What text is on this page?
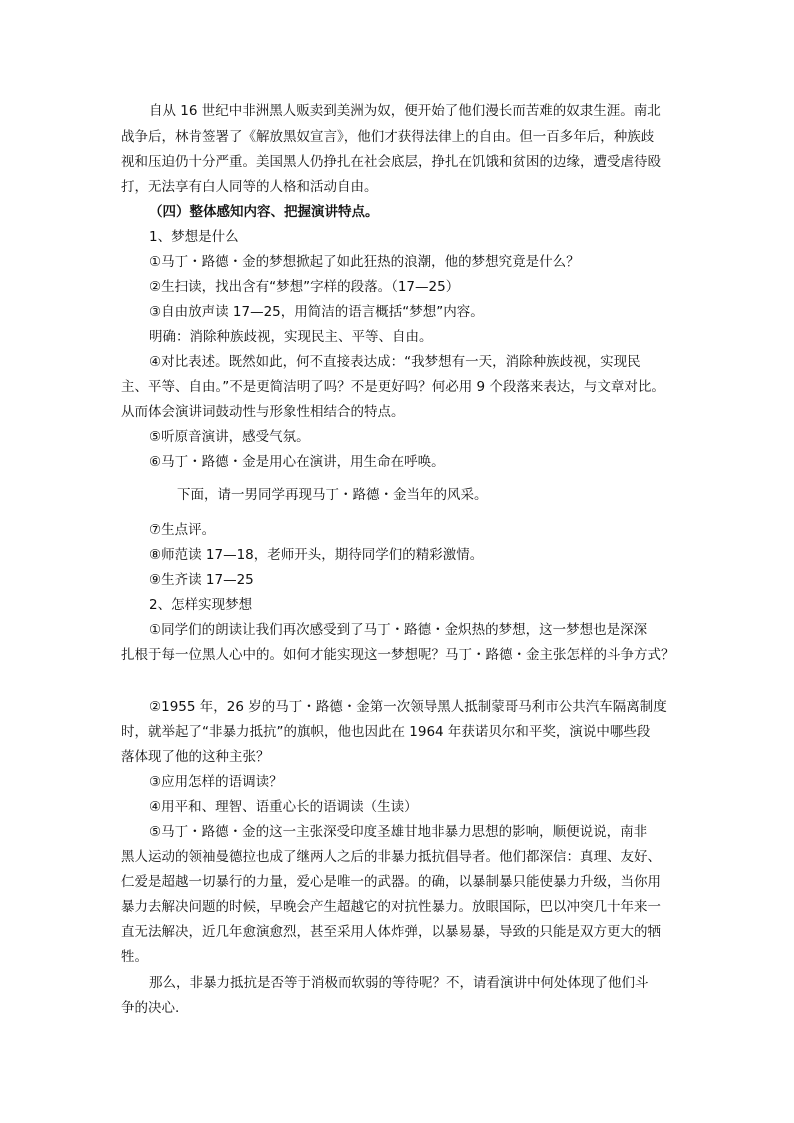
自从 16 世纪中非洲黑人贩卖到美洲为奴，便开始了他们漫长而苦难的奴隶生涯。南北
战争后，林肯签署了《解放黑奴宣言》，他们才获得法律上的自由。但一百多年后，种族歧
视和压迫仍十分严重。美国黑人仍挣扎在社会底层，挣扎在饥饿和贫困的边缘，遭受虐待殴
打，无法享有白人同等的人格和活动自由。
（四）整体感知内容、把握演讲特点。
1、梦想是什么
①马丁・路德・金的梦想掀起了如此狂热的浪潮，他的梦想究竟是什么？
②生扫读，找出含有“梦想”字样的段落。（17—25）
③自由放声读 17—25，用简洁的语言概括“梦想”内容。
明确：消除种族歧视，实现民主、平等、自由。
④对比表述。既然如此，何不直接表达成：“我梦想有一天，消除种族歧视，实现民
主、平等、自由。”不是更简洁明了吗？不是更好吗？何必用 9 个段落来表达，与文章对比。
从而体会演讲词鼓动性与形象性相结合的特点。
⑤听原音演讲，感受气氛。
⑥马丁・路德・金是用心在演讲，用生命在呼唤。
下面，请一男同学再现马丁・路德・金当年的风采。
⑦生点评。
⑧师范读 17—18，老师开头，期待同学们的精彩激情。
⑨生齐读 17—25
2、怎样实现梦想
①同学们的朗读让我们再次感受到了马丁・路德・金炽热的梦想，这一梦想也是深深
扎根于每一位黑人心中的。如何才能实现这一梦想呢？马丁・路德・金主张怎样的斗争方式？
②1955 年，26 岁的马丁・路德・金第一次领导黑人抵制蒙哥马利市公共汽车隔离制度
时，就举起了“非暴力抵抗”的旗帜，他也因此在 1964 年获诺贝尔和平奖，演说中哪些段
落体现了他的这种主张？
③应用怎样的语调读？
④用平和、理智、语重心长的语调读（生读）
⑤马丁・路德・金的这一主张深受印度圣雄甘地非暴力思想的影响，顺便说说，南非
黑人运动的领袖曼德拉也成了继两人之后的非暴力抵抗倡导者。他们都深信：真理、友好、
仁爱是超越一切暴行的力量，爱心是唯一的武器。的确，以暴制暴只能使暴力升级，当你用
暴力去解决问题的时候，早晚会产生超越它的对抗性暴力。放眼国际，巴以冲突几十年来一
直无法解决，近几年愈演愈烈，甚至采用人体炸弹，以暴易暴，导致的只能是双方更大的牺
牲。
那么，非暴力抵抗是否等于消极而软弱的等待呢？不，请看演讲中何处体现了他们斗
争的决心.
